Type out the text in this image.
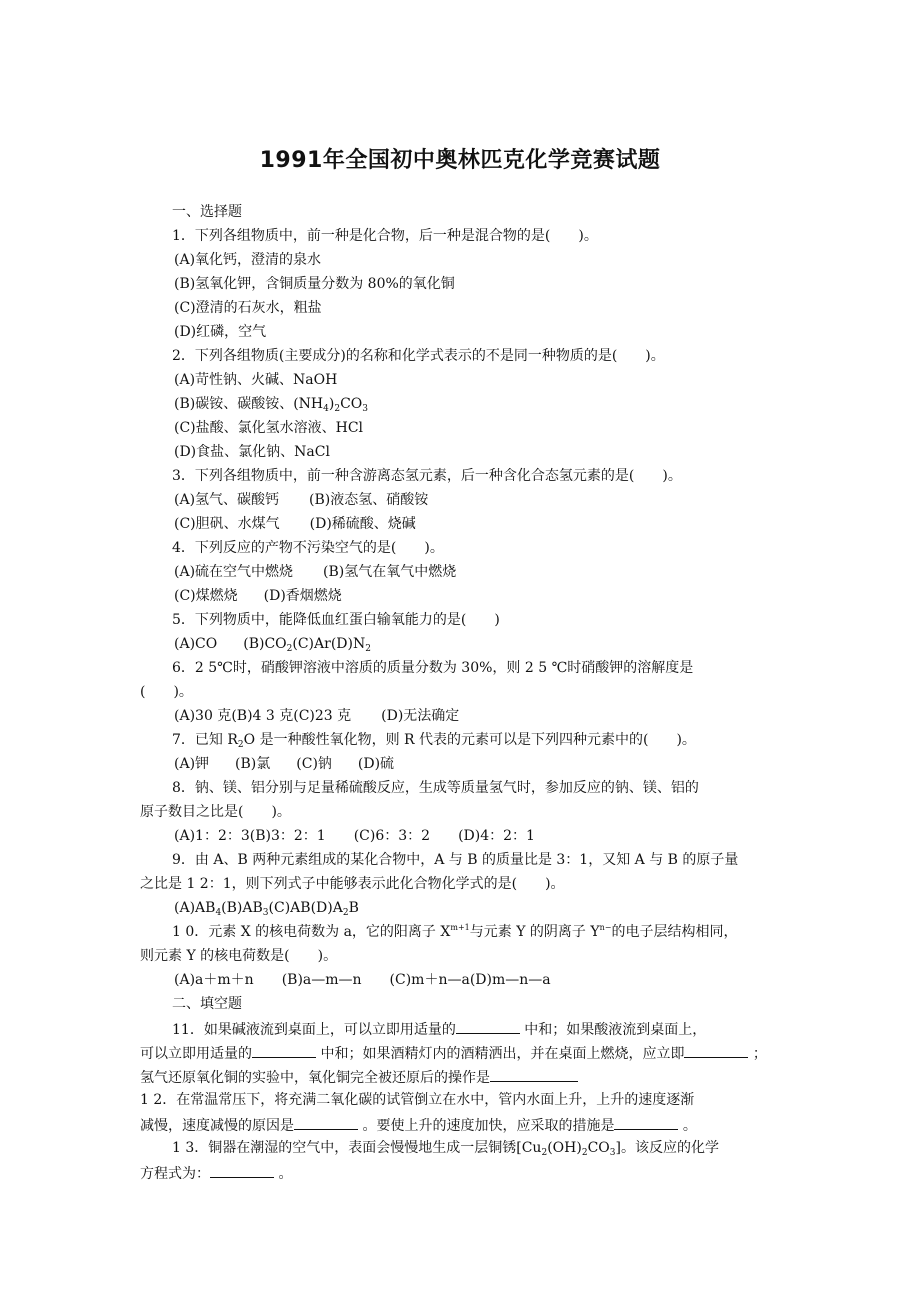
1991年全国初中奥林匹克化学竞赛试题
一、选择题
1．下列各组物质中，前一种是化合物，后一种是混合物的是(　　)。
(A)氧化钙，澄清的泉水
(B)氢氧化钾，含铜质量分数为 80%的氧化铜
(C)澄清的石灰水，粗盐
(D)红磷，空气
2．下列各组物质(主要成分)的名称和化学式表示的不是同一种物质的是(　　)。
(A)苛性钠、火碱、NaOH
(B)碳铵、碳酸铵、$(NH_4)_2CO_3$
(C)盐酸、氯化氢水溶液、HCl
(D)食盐、氯化钠、NaCl
3．下列各组物质中，前一种含游离态氢元素，后一种含化合态氢元素的是(　　)。
(A)氢气、碳酸钙 (B)液态氢、硝酸铵
(C)胆矾、水煤气 (D)稀硫酸、烧碱
4．下列反应的产物不污染空气的是(　　)。
(A)硫在空气中燃烧 (B)氢气在氧气中燃烧
(C)煤燃烧 (D)香烟燃烧
5．下列物质中，能降低血红蛋白输氧能力的是(　　)
(A)CO $(B)CO_2(C)Ar(D)N_2$
6．2 5℃时，硝酸钾溶液中溶质的质量分数为 30%，则 2 5 ℃时硝酸钾的溶解度是
(　　)。
(A)30 克(B)4 3 克(C)23 克 (D)无法确定
7．已知 $R_2O$ 是一种酸性氧化物，则 R 代表的元素可以是下列四种元素中的(　　)。
(A)钾 (B)氯 (C)钠 (D)硫
8．钠、镁、铝分别与足量稀硫酸反应，生成等质量氢气时，参加反应的钠、镁、铝的
原子数目之比是(　　)。
(A)1：2：3(B)3：2：1 (C)6：3：2 (D)4：2：1
9．由 A、B 两种元素组成的某化合物中，A 与 B 的质量比是 3：1，又知 A 与 B 的原子量
之比是 1 2：1，则下列式子中能够表示此化合物化学式的是(　　)。
$(A)AB_4(B)AB_3(C)AB(D)A_2B$
1 0．元素 X 的核电荷数为 a，它的阳离子 $X^{m+1}$与元素 Y 的阴离子 $Y^{n-}$的电子层结构相同，
则元素 Y 的核电荷数是(　　)。
(A)a＋m＋n (B)a—m—n (C)m＋n—a(D)m—n—a
二、填空题
11．如果碱液流到桌面上，可以立即用适量的	中和；如果酸液流到桌面上，
可以立即用适量的	中和；如果酒精灯内的酒精洒出，并在桌面上燃烧，应立即	；
氢气还原氧化铜的实验中，氧化铜完全被还原后的操作是
1 2．在常温常压下，将充满二氧化碳的试管倒立在水中，管内水面上升，上升的速度逐渐
减慢，速度减慢的原因是	。要使上升的速度加快，应采取的措施是	。
1 3．铜器在潮湿的空气中，表面会慢慢地生成一层铜锈$[Cu_2(OH)_2CO_3]$。该反应的化学
方程式为：	。
